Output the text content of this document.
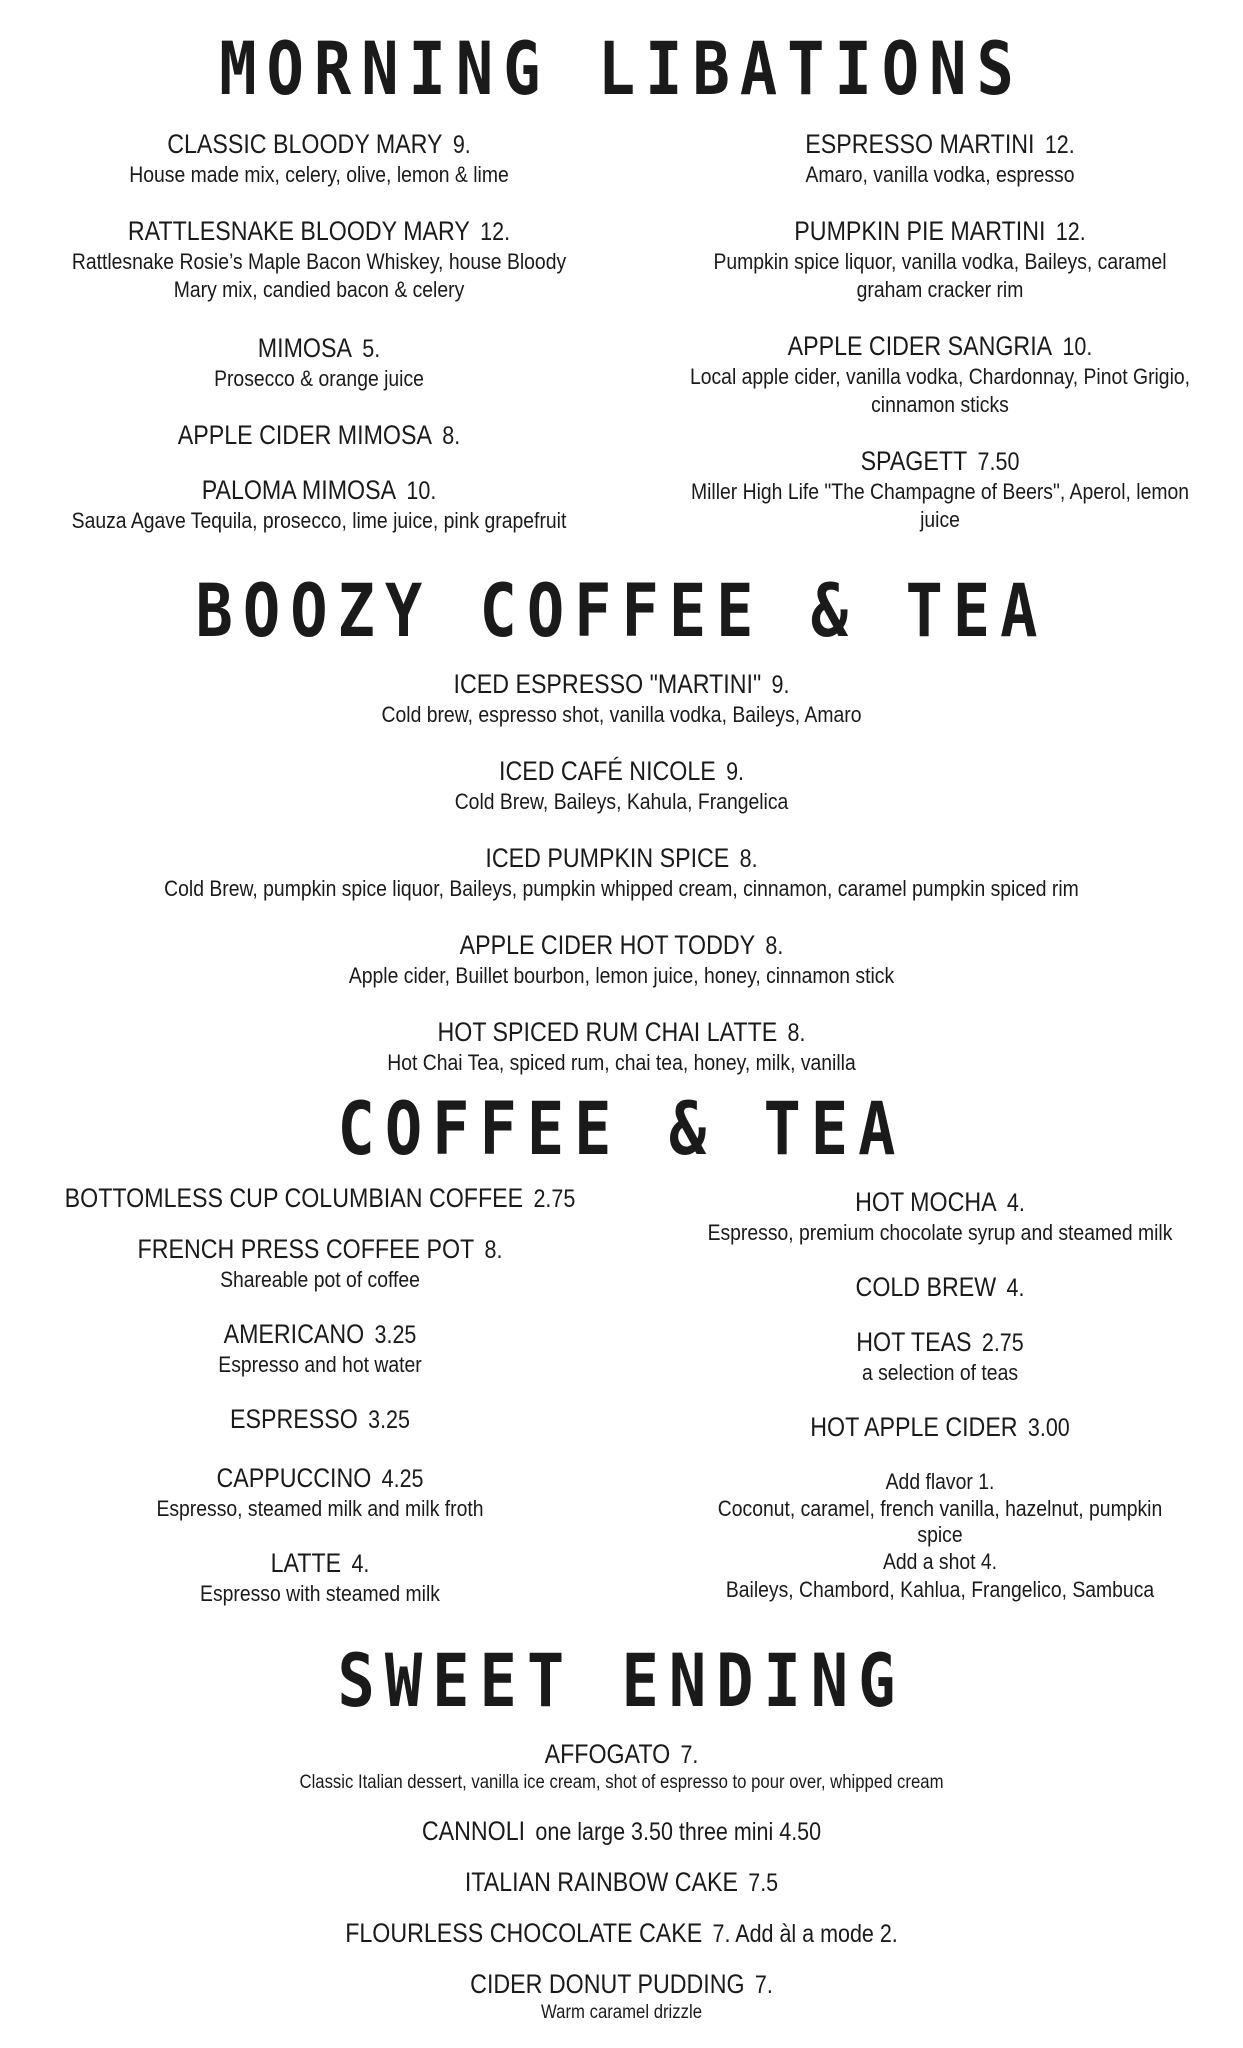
MORNING LIBATIONS
CLASSIC BLOODY MARY 9.
House made mix, celery, olive, lemon & lime
RATTLESNAKE BLOODY MARY 12.
Rattlesnake Rosie’s Maple Bacon Whiskey, house Bloody Mary mix, candied bacon & celery
MIMOSA 5.
Prosecco & orange juice
APPLE CIDER MIMOSA 8.
PALOMA MIMOSA 10.
Sauza Agave Tequila, prosecco, lime juice, pink grapefruit
ESPRESSO MARTINI 12.
Amaro, vanilla vodka, espresso
PUMPKIN PIE MARTINI 12.
Pumpkin spice liquor, vanilla vodka, Baileys, caramel graham cracker rim
APPLE CIDER SANGRIA 10.
Local apple cider, vanilla vodka, Chardonnay, Pinot Grigio, cinnamon sticks
SPAGETT 7.50
Miller High Life "The Champagne of Beers", Aperol, lemon juice
BOOZY COFFEE & TEA
ICED ESPRESSO "MARTINI" 9.
Cold brew, espresso shot, vanilla vodka, Baileys, Amaro
ICED CAFÉ NICOLE 9.
Cold Brew, Baileys, Kahula, Frangelica
ICED PUMPKIN SPICE 8.
Cold Brew, pumpkin spice liquor, Baileys, pumpkin whipped cream, cinnamon, caramel pumpkin spiced rim
APPLE CIDER HOT TODDY 8.
Apple cider, Buillet bourbon, lemon juice, honey, cinnamon stick
HOT SPICED RUM CHAI LATTE 8.
Hot Chai Tea, spiced rum, chai tea, honey, milk, vanilla
COFFEE & TEA
BOTTOMLESS CUP COLUMBIAN COFFEE 2.75
FRENCH PRESS COFFEE POT 8.
Shareable pot of coffee
AMERICANO 3.25
Espresso and hot water
ESPRESSO 3.25
CAPPUCCINO 4.25
Espresso, steamed milk and milk froth
LATTE 4.
Espresso with steamed milk
HOT MOCHA 4.
Espresso, premium chocolate syrup and steamed milk
COLD BREW 4.
HOT TEAS 2.75
a selection of teas
HOT APPLE CIDER 3.00
Add flavor 1.
Coconut, caramel, french vanilla, hazelnut, pumpkin spice
Add a shot 4.
Baileys, Chambord, Kahlua, Frangelico, Sambuca
SWEET ENDING
AFFOGATO 7.
Classic Italian dessert, vanilla ice cream, shot of espresso to pour over, whipped cream
CANNOLI one large 3.50 three mini 4.50
ITALIAN RAINBOW CAKE 7.5
FLOURLESS CHOCOLATE CAKE 7. Add àl a mode 2.
CIDER DONUT PUDDING 7.
Warm caramel drizzle
